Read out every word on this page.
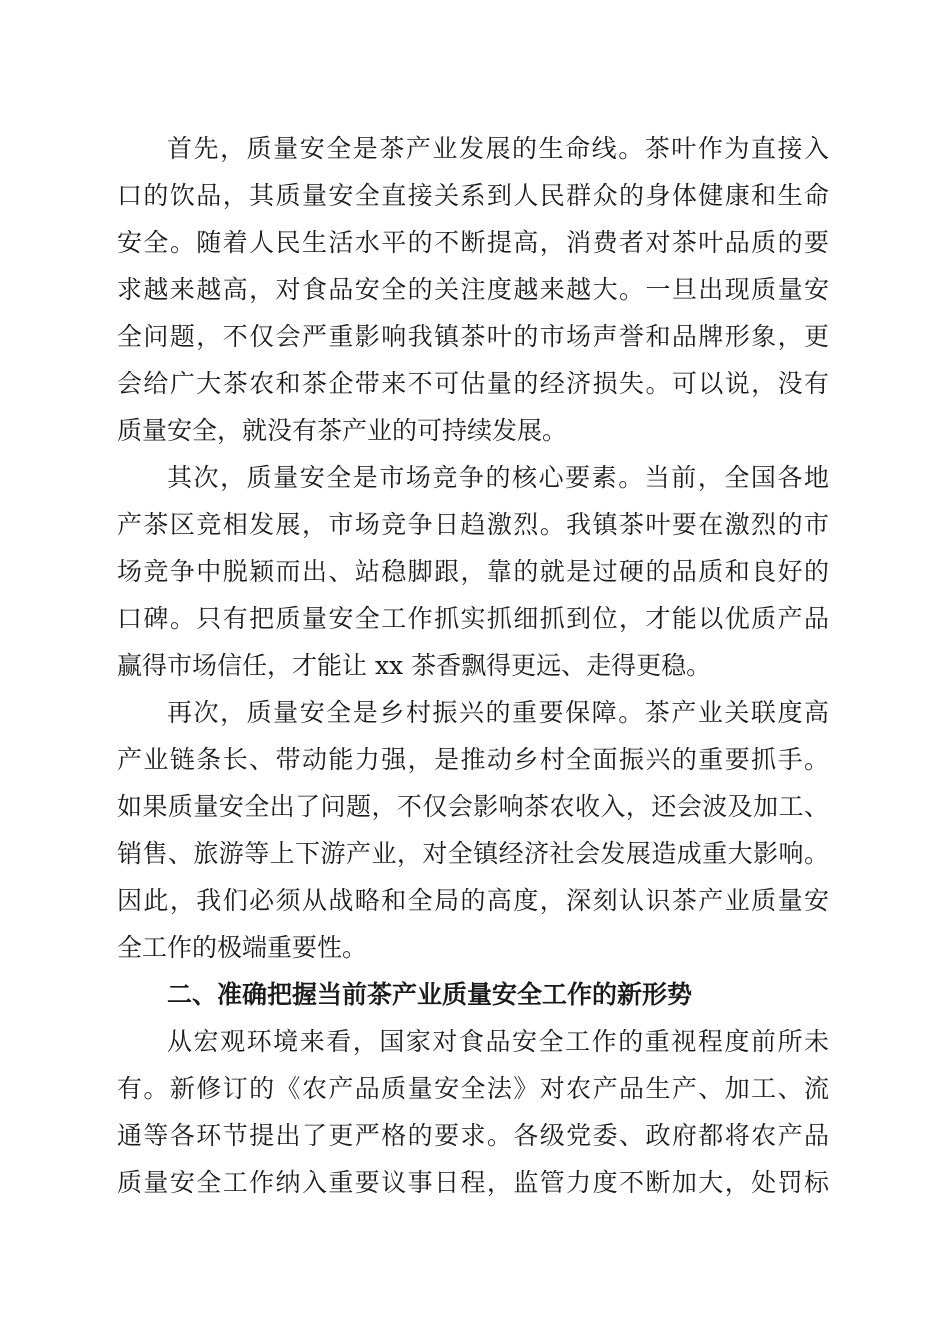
首先，质量安全是茶产业发展的生命线。茶叶作为直接入
口的饮品，其质量安全直接关系到人民群众的身体健康和生命
安全。随着人民生活水平的不断提高，消费者对茶叶品质的要
求越来越高，对食品安全的关注度越来越大。一旦出现质量安
全问题，不仅会严重影响我镇茶叶的市场声誉和品牌形象，更
会给广大茶农和茶企带来不可估量的经济损失。可以说，没有
质量安全，就没有茶产业的可持续发展。
其次，质量安全是市场竞争的核心要素。当前，全国各地
产茶区竞相发展，市场竞争日趋激烈。我镇茶叶要在激烈的市
场竞争中脱颖而出、站稳脚跟，靠的就是过硬的品质和良好的
口碑。只有把质量安全工作抓实抓细抓到位，才能以优质产品
赢得市场信任，才能让 xx 茶香飘得更远、走得更稳。
再次，质量安全是乡村振兴的重要保障。茶产业关联度高
产业链条长、带动能力强，是推动乡村全面振兴的重要抓手。
如果质量安全出了问题，不仅会影响茶农收入，还会波及加工、
销售、旅游等上下游产业，对全镇经济社会发展造成重大影响。
因此，我们必须从战略和全局的高度，深刻认识茶产业质量安
全工作的极端重要性。
二、准确把握当前茶产业质量安全工作的新形势
从宏观环境来看，国家对食品安全工作的重视程度前所未
有。新修订的《农产品质量安全法》对农产品生产、加工、流
通等各环节提出了更严格的要求。各级党委、政府都将农产品
质量安全工作纳入重要议事日程，监管力度不断加大，处罚标
